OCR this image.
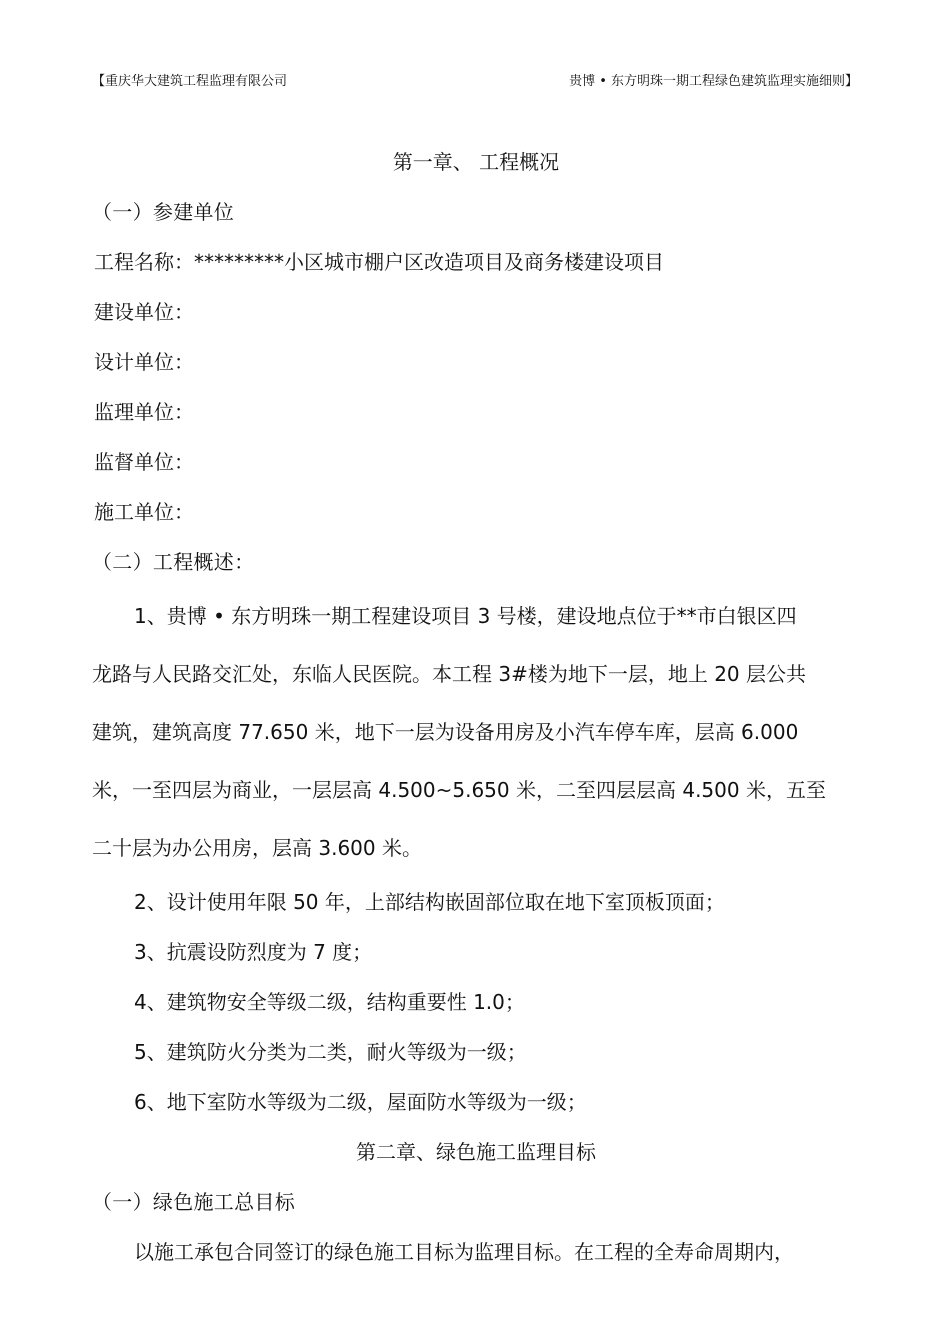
【重庆华大建筑工程监理有限公司	贵博 • 东方明珠一期工程绿色建筑监理实施细则】
第一章、 工程概况
（一）参建单位
工程名称：*********小区城市棚户区改造项目及商务楼建设项目
建设单位：
设计单位：
监理单位：
监督单位：
施工单位：
（二）工程概述：
1、贵博 • 东方明珠一期工程建设项目 3 号楼，建设地点位于**市白银区四
龙路与人民路交汇处，东临人民医院。本工程 3#楼为地下一层，地上 20 层公共
建筑，建筑高度 77.650 米，地下一层为设备用房及小汽车停车库，层高 6.000
米，一至四层为商业，一层层高 4.500~5.650 米，二至四层层高 4.500 米，五至
二十层为办公用房，层高 3.600 米。
2、设计使用年限 50 年，上部结构嵌固部位取在地下室顶板顶面；
3、抗震设防烈度为 7 度；
4、建筑物安全等级二级，结构重要性 1.0；
5、建筑防火分类为二类，耐火等级为一级；
6、地下室防水等级为二级，屋面防水等级为一级；
第二章、绿色施工监理目标
（一）绿色施工总目标
以施工承包合同签订的绿色施工目标为监理目标。在工程的全寿命周期内，
